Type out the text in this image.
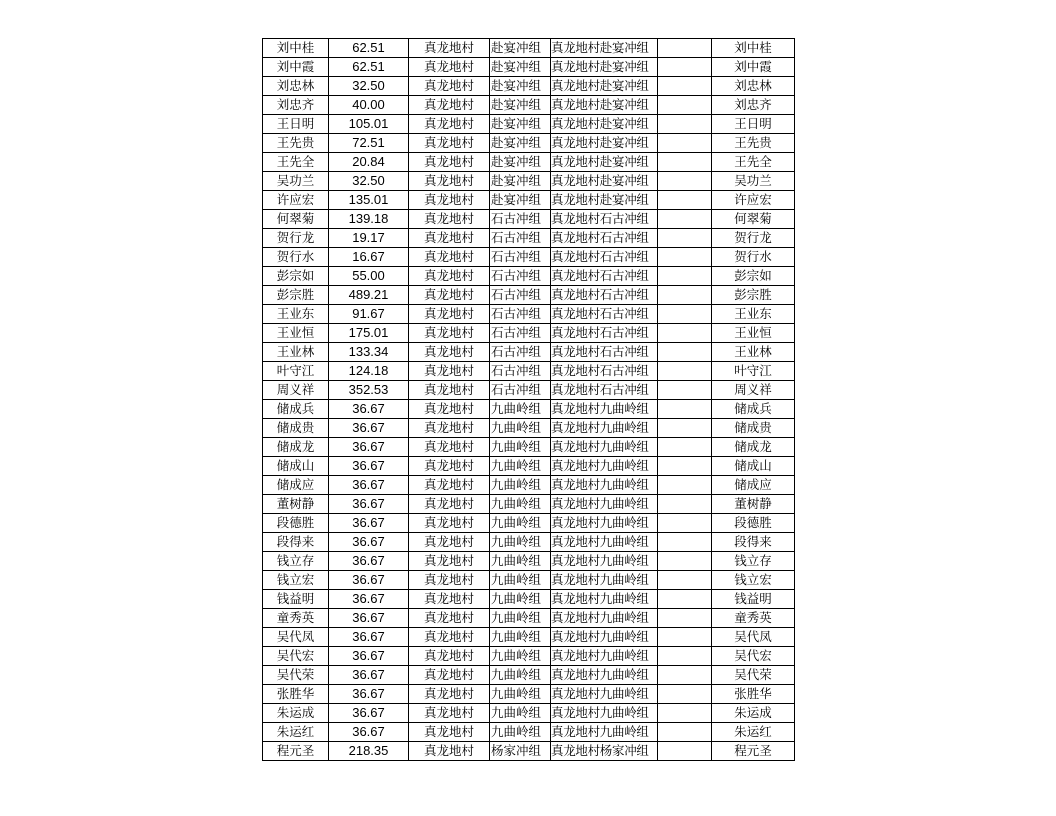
刘中桂	62.51	真龙地村	赴宴冲组	真龙地村赴宴冲组		刘中桂
刘中霞	62.51	真龙地村	赴宴冲组	真龙地村赴宴冲组		刘中霞
刘忠林	32.50	真龙地村	赴宴冲组	真龙地村赴宴冲组		刘忠林
刘忠齐	40.00	真龙地村	赴宴冲组	真龙地村赴宴冲组		刘忠齐
王日明	105.01	真龙地村	赴宴冲组	真龙地村赴宴冲组		王日明
王先贵	72.51	真龙地村	赴宴冲组	真龙地村赴宴冲组		王先贵
王先全	20.84	真龙地村	赴宴冲组	真龙地村赴宴冲组		王先全
吴功兰	32.50	真龙地村	赴宴冲组	真龙地村赴宴冲组		吴功兰
许应宏	135.01	真龙地村	赴宴冲组	真龙地村赴宴冲组		许应宏
何翠菊	139.18	真龙地村	石古冲组	真龙地村石古冲组		何翠菊
贺行龙	19.17	真龙地村	石古冲组	真龙地村石古冲组		贺行龙
贺行水	16.67	真龙地村	石古冲组	真龙地村石古冲组		贺行水
彭宗如	55.00	真龙地村	石古冲组	真龙地村石古冲组		彭宗如
彭宗胜	489.21	真龙地村	石古冲组	真龙地村石古冲组		彭宗胜
王业东	91.67	真龙地村	石古冲组	真龙地村石古冲组		王业东
王业恒	175.01	真龙地村	石古冲组	真龙地村石古冲组		王业恒
王业林	133.34	真龙地村	石古冲组	真龙地村石古冲组		王业林
叶守江	124.18	真龙地村	石古冲组	真龙地村石古冲组		叶守江
周义祥	352.53	真龙地村	石古冲组	真龙地村石古冲组		周义祥
储成兵	36.67	真龙地村	九曲岭组	真龙地村九曲岭组		储成兵
储成贵	36.67	真龙地村	九曲岭组	真龙地村九曲岭组		储成贵
储成龙	36.67	真龙地村	九曲岭组	真龙地村九曲岭组		储成龙
储成山	36.67	真龙地村	九曲岭组	真龙地村九曲岭组		储成山
储成应	36.67	真龙地村	九曲岭组	真龙地村九曲岭组		储成应
董树静	36.67	真龙地村	九曲岭组	真龙地村九曲岭组		董树静
段德胜	36.67	真龙地村	九曲岭组	真龙地村九曲岭组		段德胜
段得来	36.67	真龙地村	九曲岭组	真龙地村九曲岭组		段得来
钱立存	36.67	真龙地村	九曲岭组	真龙地村九曲岭组		钱立存
钱立宏	36.67	真龙地村	九曲岭组	真龙地村九曲岭组		钱立宏
钱益明	36.67	真龙地村	九曲岭组	真龙地村九曲岭组		钱益明
童秀英	36.67	真龙地村	九曲岭组	真龙地村九曲岭组		童秀英
吴代凤	36.67	真龙地村	九曲岭组	真龙地村九曲岭组		吴代凤
吴代宏	36.67	真龙地村	九曲岭组	真龙地村九曲岭组		吴代宏
吴代荣	36.67	真龙地村	九曲岭组	真龙地村九曲岭组		吴代荣
张胜华	36.67	真龙地村	九曲岭组	真龙地村九曲岭组		张胜华
朱运成	36.67	真龙地村	九曲岭组	真龙地村九曲岭组		朱运成
朱运红	36.67	真龙地村	九曲岭组	真龙地村九曲岭组		朱运红
程元圣	218.35	真龙地村	杨家冲组	真龙地村杨家冲组		程元圣
